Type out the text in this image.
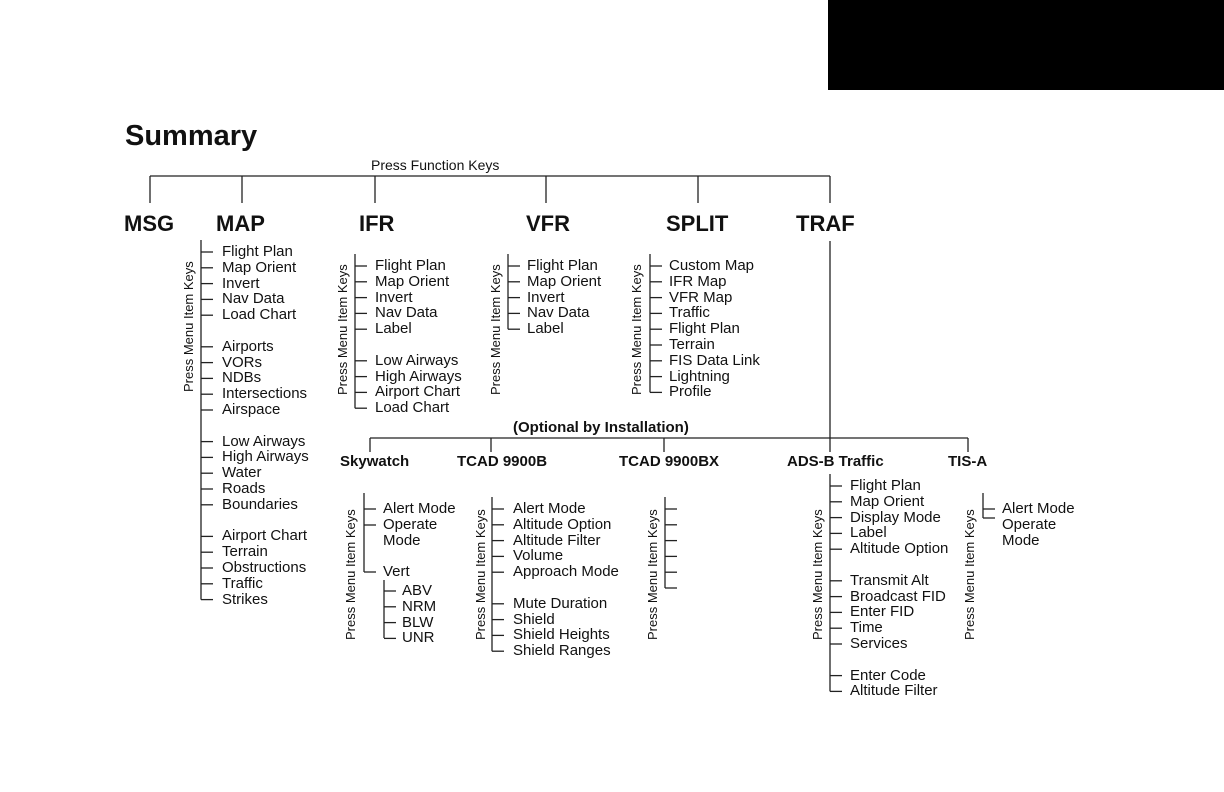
Summary
Press Function Keys
MSG MAP	IFR	VFR	SPLIT	TRAF
(Optional by Installation)
Skywatch	TCAD 9900B	TCAD 9900BX	ADS-B Traffic	TIS-A
Press Menu Item Keys	Press Menu Item Keys	Press Menu Item Keys	Press Menu Item Keys
Press Menu Item Keys	Press Menu Item Keys	Press Menu Item Keys	Press Menu Item Keys	Press Menu Item Keys
Flight Plan
Map Orient
Invert
Nav Data
Load Chart
Airports
VORs
NDBs
Intersections
Airspace
Low Airways
High Airways
Water
Roads
Boundaries
Airport Chart
Terrain
Obstructions
Traffic
Strikes
Flight Plan
Map Orient
Invert
Nav Data
Label
Low Airways
High Airways
Airport Chart
Load Chart
Flight Plan
Map Orient
Invert
Nav Data
Label
Custom Map
IFR Map
VFR Map
Traffic
Flight Plan
Terrain
FIS Data Link
Lightning
Profile
Alert Mode
Altitude Option
Altitude Filter
Volume
Approach Mode
Mute Duration
Shield
Shield Heights
Shield Ranges
Flight Plan
Map Orient
Display Mode
Label
Altitude Option
Transmit Alt
Broadcast FID
Enter FID
Time
Services
Enter Code
Altitude Filter
Alert Mode
Operate
Mode
Vert
ABV
NRM
BLW
UNR
Alert Mode
Operate
Mode
